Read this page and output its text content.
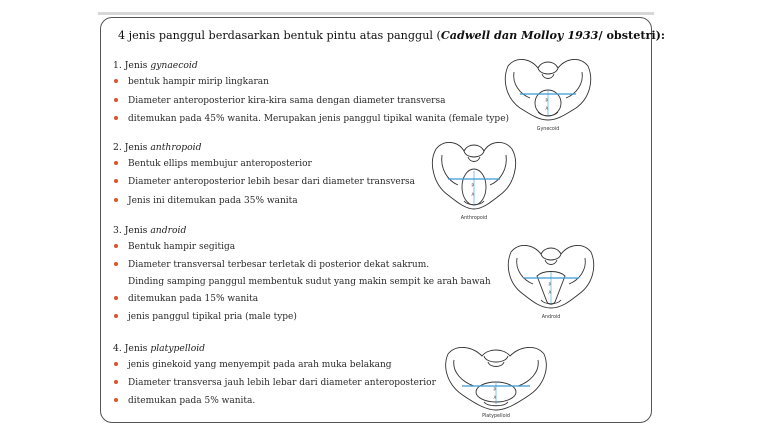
4 jenis panggul berdasarkan bentuk pintu atas panggul (Cadwell dan Molloy 1933/ obstetri):
1. Jenis gynaecoid
bentuk hampir mirip lingkaran
Diameter anteroposterior kira-kira sama dengan diameter transversa
ditemukan pada 45% wanita. Merupakan jenis panggul tipikal wanita (female type)
2. Jenis anthropoid
Bentuk ellips membujur anteroposterior
Diameter anteroposterior lebih besar dari diameter transversa
Jenis ini ditemukan pada 35% wanita
3. Jenis android
Bentuk hampir segitiga
Diameter transversal terbesar terletak di posterior dekat sakrum.
Dinding samping panggul membentuk sudut yang makin sempit ke arah bawah
ditemukan pada 15% wanita
jenis panggul tipikal pria (male type)
4. Jenis platypelloid
jenis ginekoid yang menyempit pada arah muka belakang
Diameter transversa jauh lebih lebar dari diameter anteroposterior
ditemukan pada 5% wanita.
P
A
Gynecoid
P
A
Anthropoid
P
A
Android
P
A
Platypelloid
